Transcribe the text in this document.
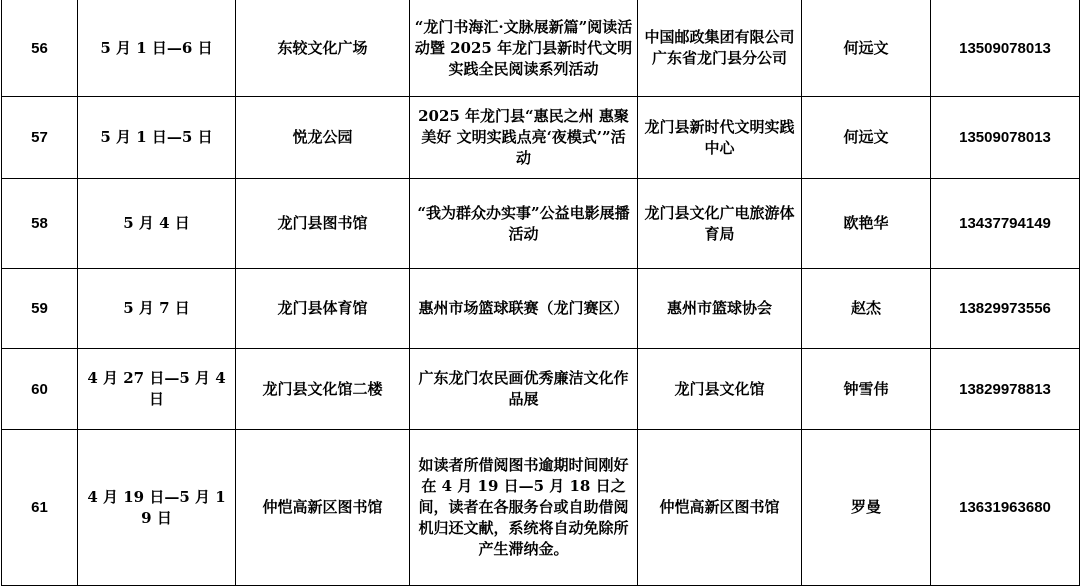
56	5 月 1 日—6 日	东较文化广场	“龙门书海汇·文脉展新篇”阅读活动暨 2025 年龙门县新时代文明实践全民阅读系列活动	中国邮政集团有限公司广东省龙门县分公司	何远文	13509078013
57	5 月 1 日—5 日	悦龙公园	2025 年龙门县“惠民之州 惠聚美好 文明实践点亮‘夜模式’”活动	龙门县新时代文明实践中心	何远文	13509078013
58	5 月 4 日	龙门县图书馆	“我为群众办实事”公益电影展播活动	龙门县文化广电旅游体育局	欧艳华	13437794149
59	5 月 7 日	龙门县体育馆	惠州市场篮球联赛（龙门赛区）	惠州市篮球协会	赵杰	13829973556
60	4 月 27 日—5 月 4 日	龙门县文化馆二楼	广东龙门农民画优秀廉洁文化作品展	龙门县文化馆	钟雪伟	13829978813
61	4 月 19 日—5 月 19 日	仲恺高新区图书馆	如读者所借阅图书逾期时间刚好在 4 月 19 日—5 月 18 日之间，读者在各服务台或自助借阅机归还文献，系统将自动免除所产生滞纳金。	仲恺高新区图书馆	罗曼	13631963680
